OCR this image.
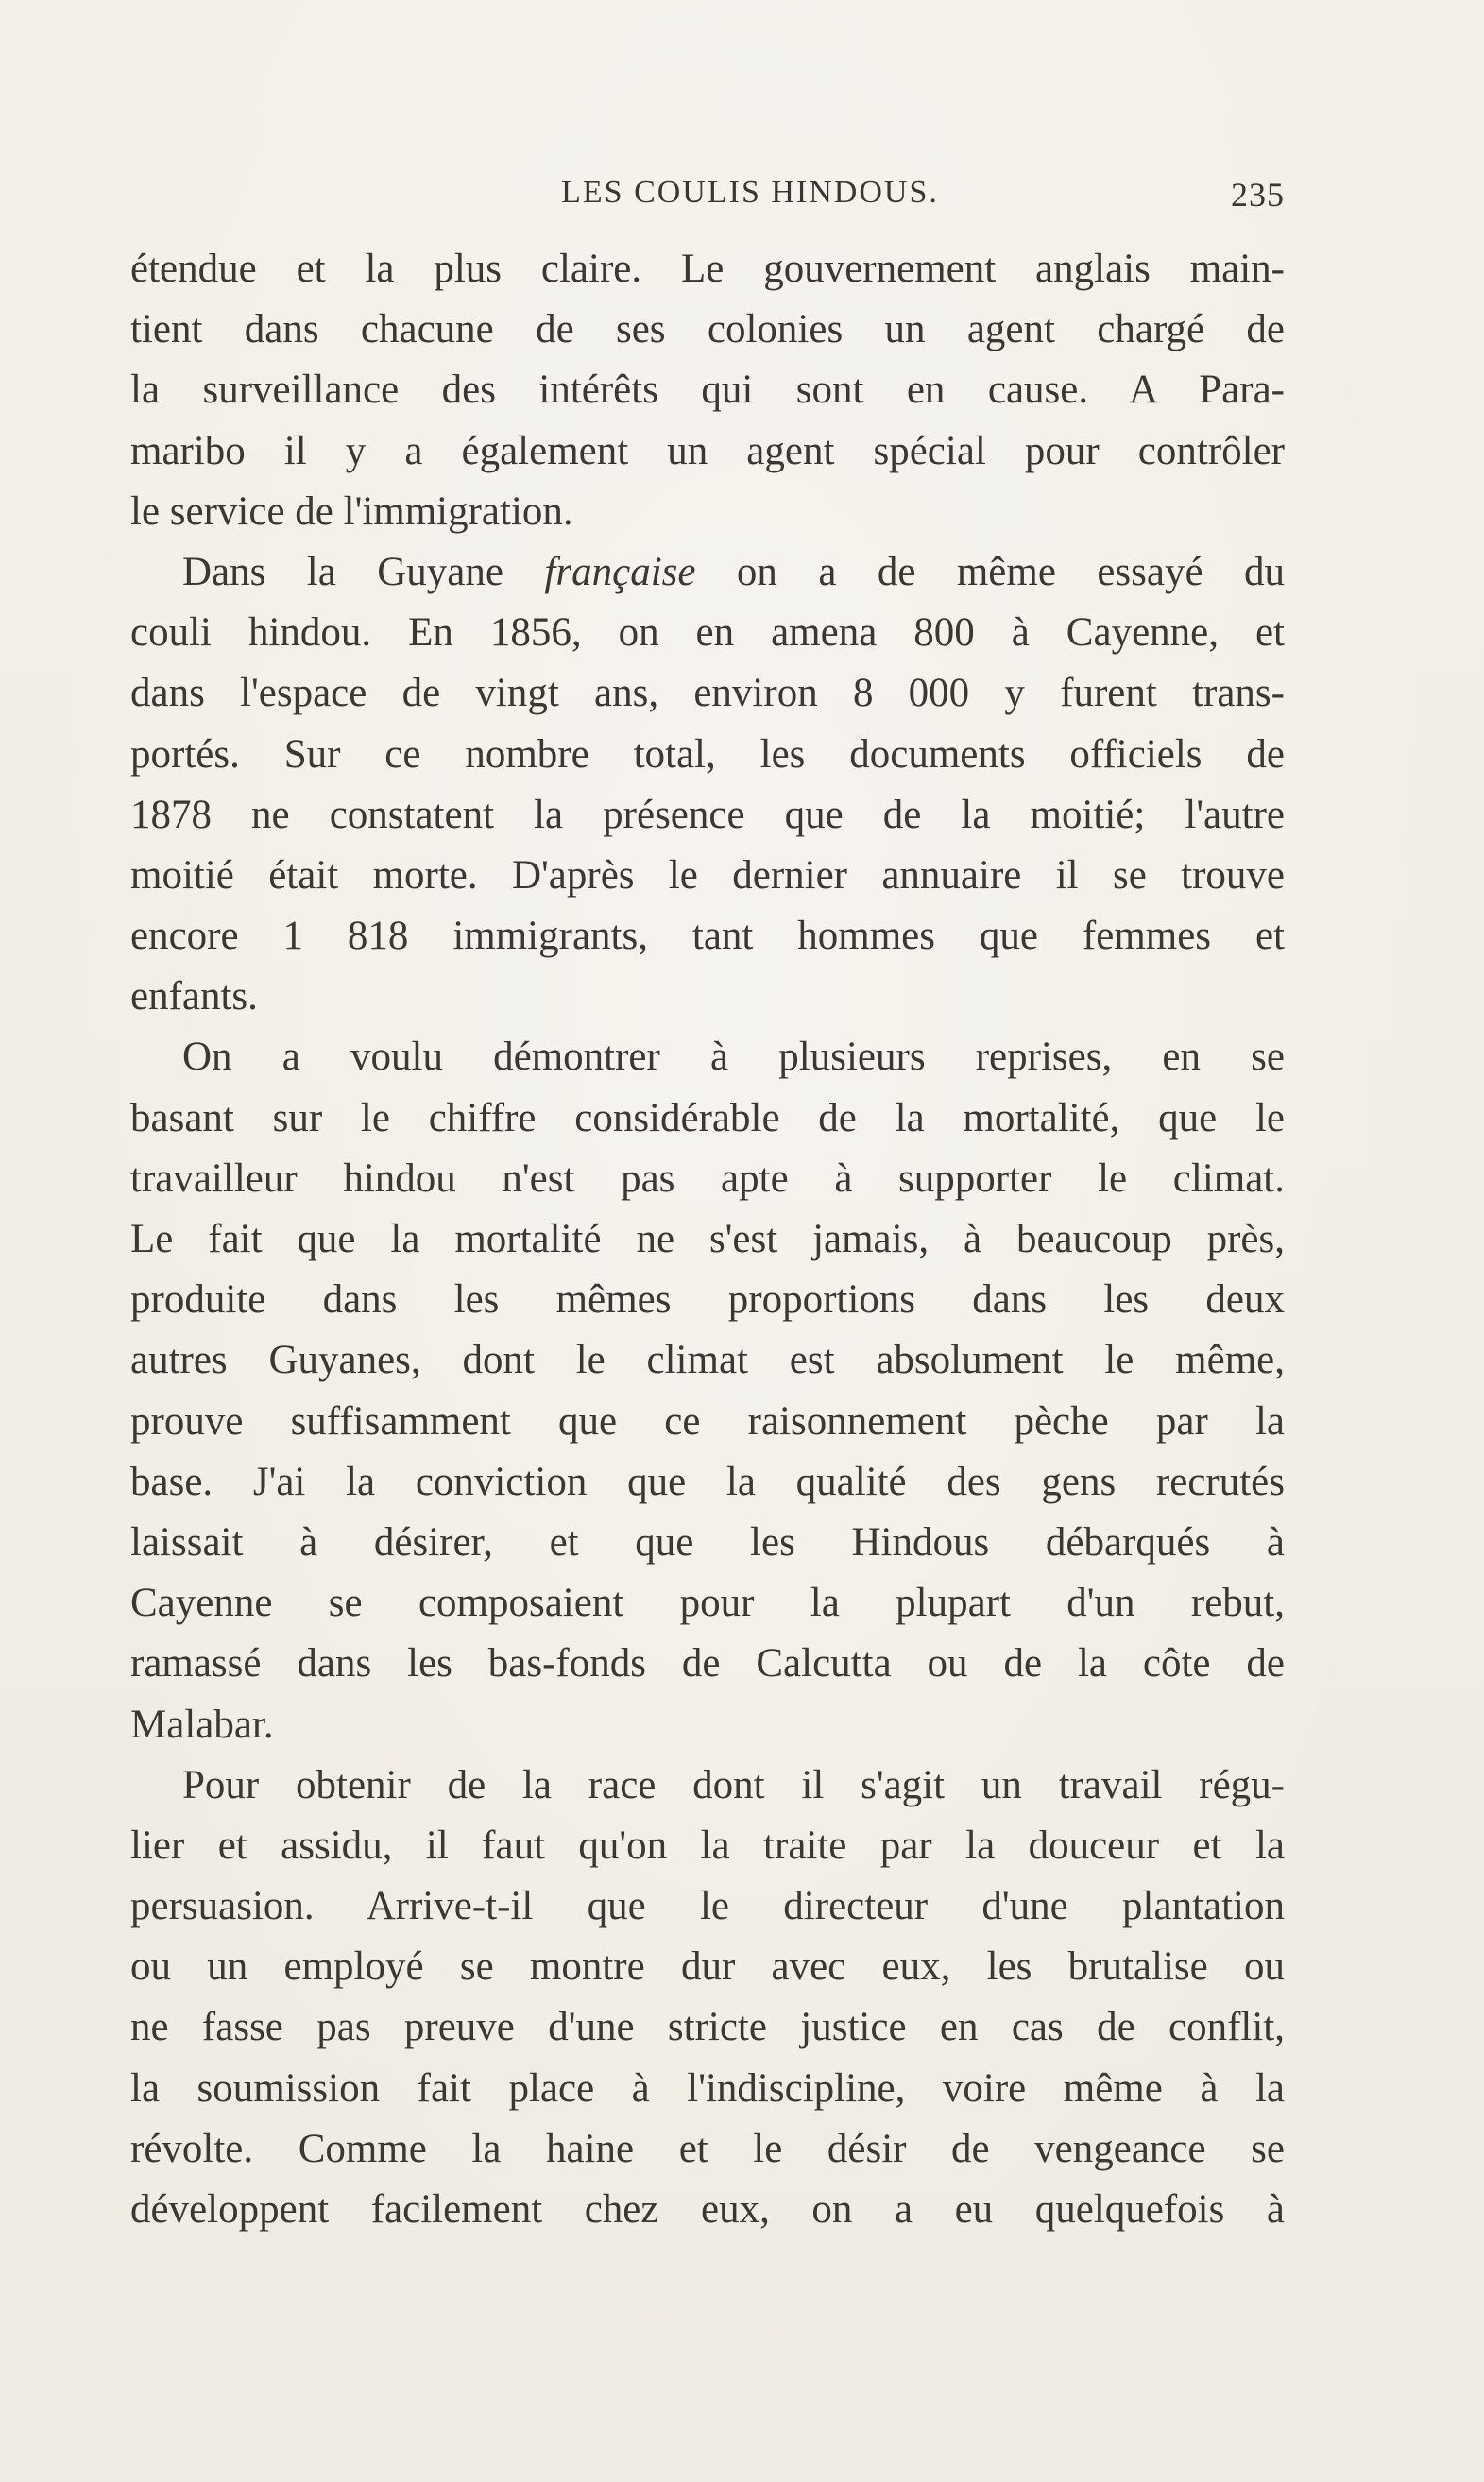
LES COULIS HINDOUS.	235
étendue et la plus claire. Le gouvernement anglais main-
tient dans chacune de ses colonies un agent chargé de
la surveillance des intérêts qui sont en cause. A Para-
maribo il y a également un agent spécial pour contrôler
le service de l'immigration.
Dans la Guyane française on a de même essayé du
couli hindou. En 1856, on en amena 800 à Cayenne, et
dans l'espace de vingt ans, environ 8 000 y furent trans-
portés. Sur ce nombre total, les documents officiels de
1878 ne constatent la présence que de la moitié; l'autre
moitié était morte. D'après le dernier annuaire il se trouve
encore 1 818 immigrants, tant hommes que femmes et
enfants.
On a voulu démontrer à plusieurs reprises, en se
basant sur le chiffre considérable de la mortalité, que le
travailleur hindou n'est pas apte à supporter le climat.
Le fait que la mortalité ne s'est jamais, à beaucoup près,
produite dans les mêmes proportions dans les deux
autres Guyanes, dont le climat est absolument le même,
prouve suffisamment que ce raisonnement pèche par la
base. J'ai la conviction que la qualité des gens recrutés
laissait à désirer, et que les Hindous débarqués à
Cayenne se composaient pour la plupart d'un rebut,
ramassé dans les bas-fonds de Calcutta ou de la côte de
Malabar.
Pour obtenir de la race dont il s'agit un travail régu-
lier et assidu, il faut qu'on la traite par la douceur et la
persuasion. Arrive-t-il que le directeur d'une plantation
ou un employé se montre dur avec eux, les brutalise ou
ne fasse pas preuve d'une stricte justice en cas de conflit,
la soumission fait place à l'indiscipline, voire même à la
révolte. Comme la haine et le désir de vengeance se
développent facilement chez eux, on a eu quelquefois à
